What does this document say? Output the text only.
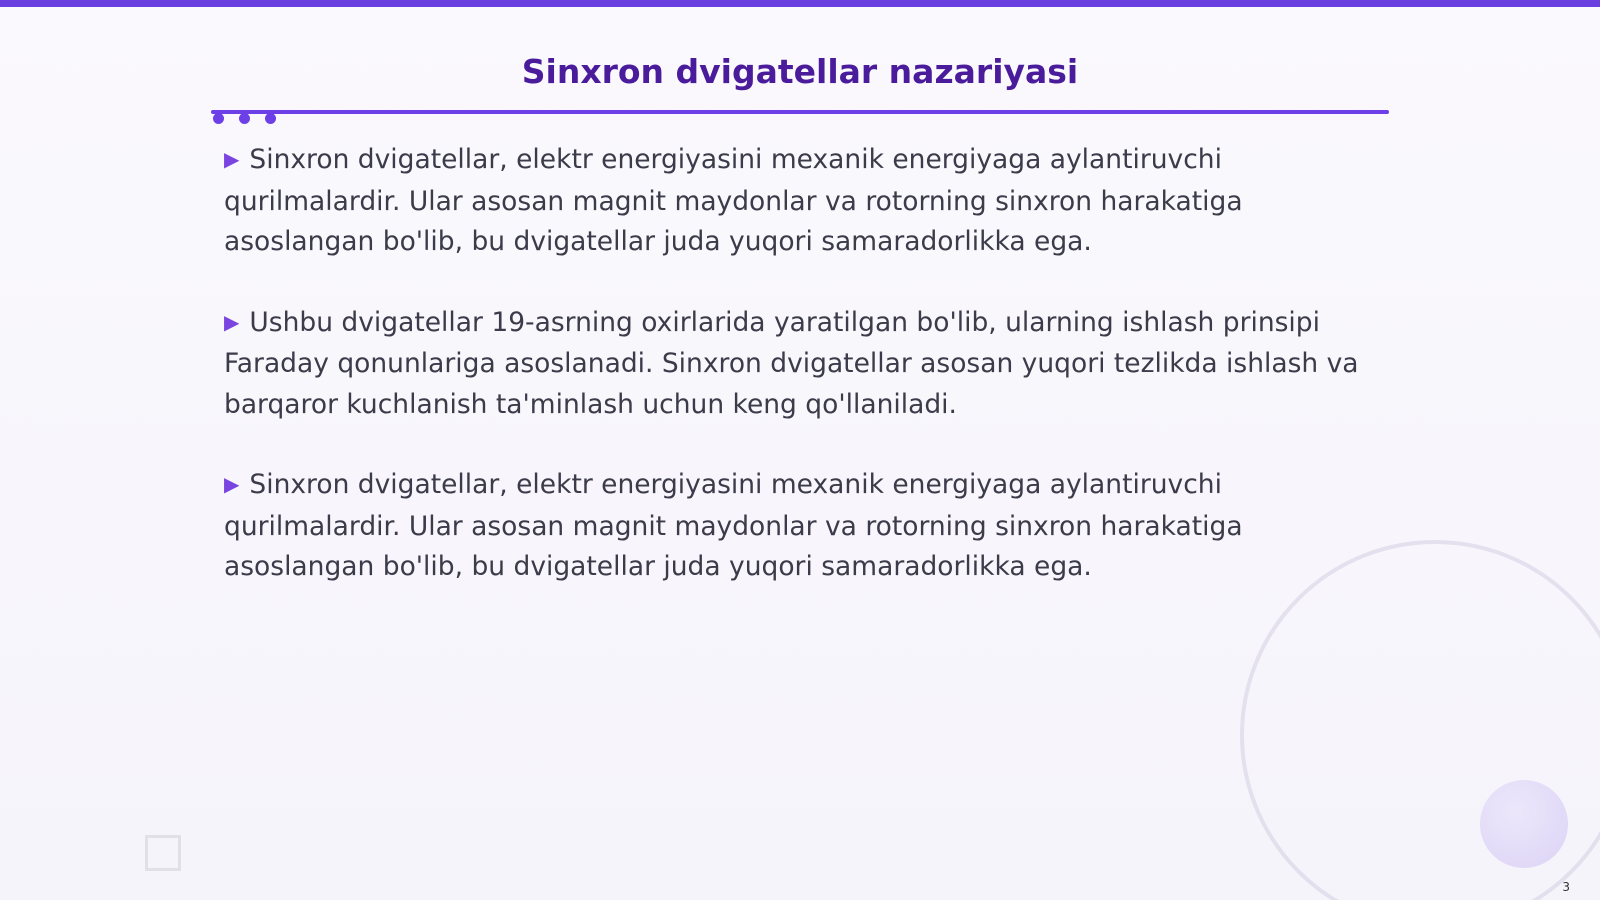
Sinxron dvigatellar nazariyasi

▶ Sinxron dvigatellar, elektr energiyasini mexanik energiyaga aylantiruvchi qurilmalardir. Ular asosan magnit maydonlar va rotorning sinxron harakatiga asoslangan bo'lib, bu dvigatellar juda yuqori samaradorlikka ega.

▶ Ushbu dvigatellar 19-asrning oxirlarida yaratilgan bo'lib, ularning ishlash prinsipi Faraday qonunlariga asoslanadi. Sinxron dvigatellar asosan yuqori tezlikda ishlash va barqaror kuchlanish ta'minlash uchun keng qo'llaniladi.

▶ Sinxron dvigatellar, elektr energiyasini mexanik energiyaga aylantiruvchi qurilmalardir. Ular asosan magnit maydonlar va rotorning sinxron harakatiga asoslangan bo'lib, bu dvigatellar juda yuqori samaradorlikka ega.

3
